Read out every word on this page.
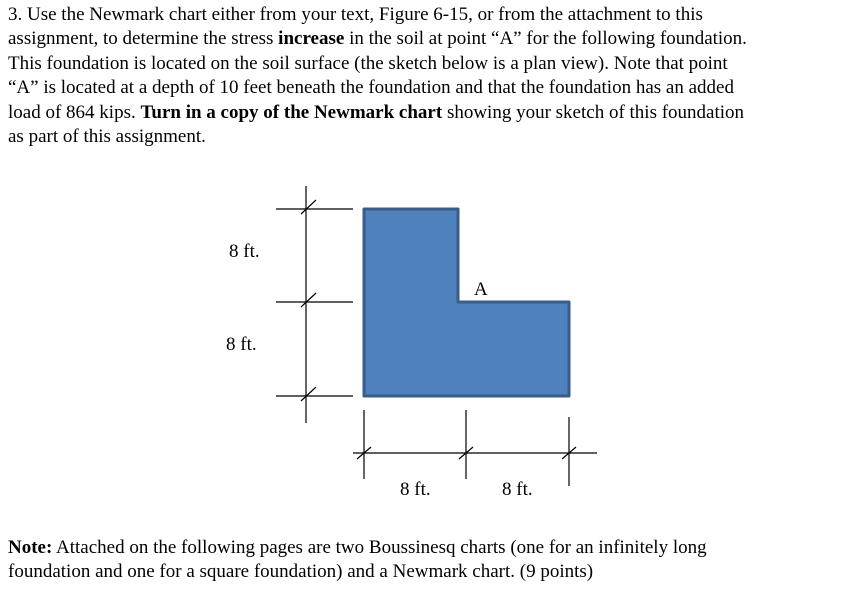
3. Use the Newmark chart either from your text, Figure 6-15, or from the attachment to this
assignment, to determine the stress increase in the soil at point “A” for the following foundation.
This foundation is located on the soil surface (the sketch below is a plan view). Note that point
“A” is located at a depth of 10 feet beneath the foundation and that the foundation has an added
load of 864 kips. Turn in a copy of the Newmark chart showing your sketch of this foundation
as part of this assignment.
A
8 ft.
8 ft.
8 ft.	8 ft.
Note: Attached on the following pages are two Boussinesq charts (one for an infinitely long
foundation and one for a square foundation) and a Newmark chart. (9 points)
